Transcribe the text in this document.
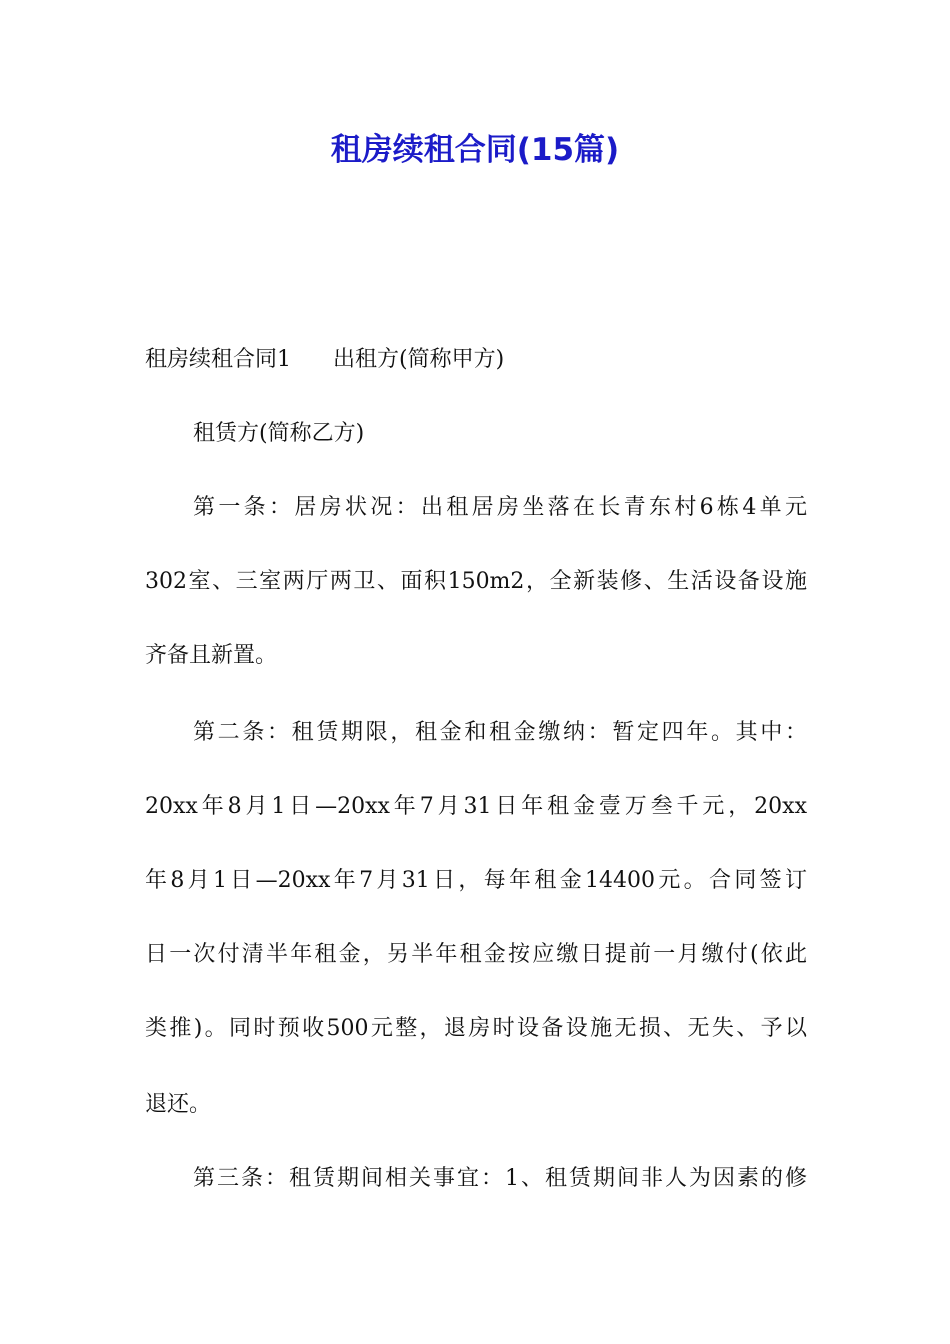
租房续租合同(15篇)
租房续租合同1 出租方(简称甲方)
租赁方(简称乙方)
第一条：居房状况：出租居房坐落在长青东村6栋4单元
302室、三室两厅两卫、面积150m2，全新装修、生活设备设施
齐备且新置。
第二条：租赁期限，租金和租金缴纳：暂定四年。其中：
20xx年8月1日—20xx年7月31日年租金壹万叁千元，20xx
年8月1日—20xx年7月31日，每年租金14400元。合同签订
日一次付清半年租金，另半年租金按应缴日提前一月缴付(依此
类推)。同时预收500元整，退房时设备设施无损、无失、予以
退还。
第三条：租赁期间相关事宜：1、租赁期间非人为因素的修
